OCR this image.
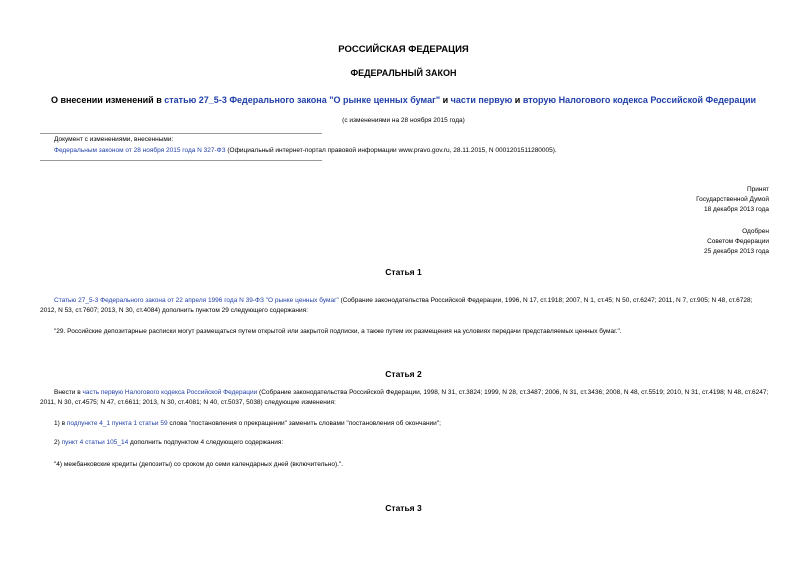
РОССИЙСКАЯ ФЕДЕРАЦИЯ
ФЕДЕРАЛЬНЫЙ ЗАКОН
О внесении изменений в статью 27_5-3 Федерального закона "О рынке ценных бумаг" и части первую и вторую Налогового кодекса Российской Федерации
(с изменениями на 28 ноября 2015 года)
Документ с изменениями, внесенными:
Федеральным законом от 28 ноября 2015 года N 327-ФЗ (Официальный интернет-портал правовой информации www.pravo.gov.ru, 28.11.2015, N 0001201511280005).
Принят
Государственной Думой
18 декабря 2013 года
Одобрен
Советом Федерации
25 декабря 2013 года
Статья 1
Статью 27_5-3 Федерального закона от 22 апреля 1996 года N 39-ФЗ "О рынке ценных бумаг" (Собрание законодательства Российской Федерации, 1996, N 17, ст.1918; 2007, N 1, ст.45; N 50, ст.6247; 2011, N 7, ст.905; N 48, ст.6728; 2012, N 53, ст.7607; 2013, N 30, ст.4084) дополнить пунктом 29 следующего содержания:
"29. Российские депозитарные расписки могут размещаться путем открытой или закрытой подписки, а также путем их размещения на условиях передачи представляемых ценных бумаг.".
Статья 2
Внести в часть первую Налогового кодекса Российской Федерации (Собрание законодательства Российской Федерации, 1998, N 31, ст.3824; 1999, N 28, ст.3487; 2006, N 31, ст.3436; 2008, N 48, ст.5519; 2010, N 31, ст.4198; N 48, ст.6247; 2011, N 30, ст.4575; N 47, ст.6611; 2013, N 30, ст.4081; N 40, ст.5037, 5038) следующие изменения:
1) в подпункте 4_1 пункта 1 статьи 59 слова "постановления о прекращении" заменить словами "постановления об окончании";
2) пункт 4 статьи 105_14 дополнить подпунктом 4 следующего содержания:
"4) межбанковские кредиты (депозиты) со сроком до семи календарных дней (включительно).".
Статья 3
